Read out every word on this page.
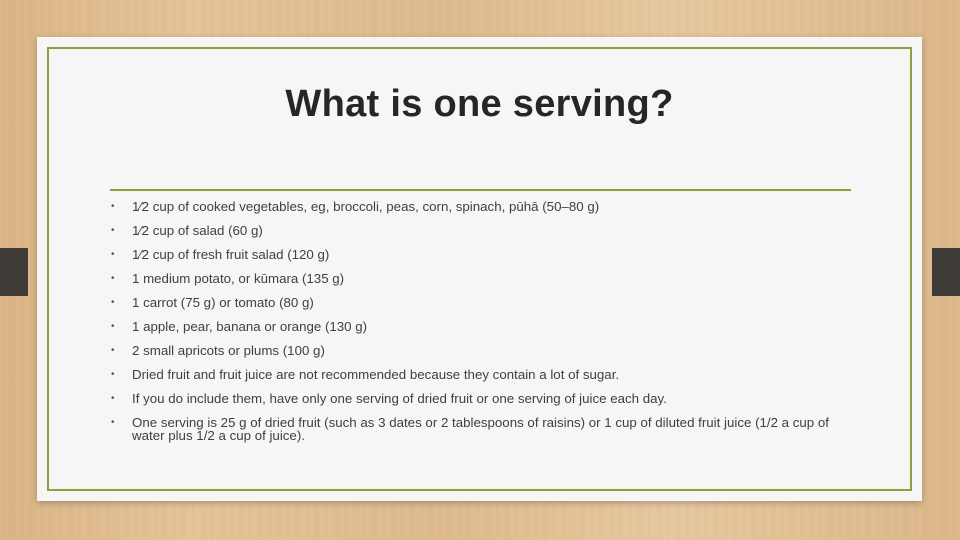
What is one serving?
• 1⁄2 cup of cooked vegetables, eg, broccoli, peas, corn, spinach, pūhā (50–80 g)
• 1⁄2 cup of salad (60 g)
• 1⁄2 cup of fresh fruit salad (120 g)
• 1 medium potato, or kūmara (135 g)
• 1 carrot (75 g) or tomato (80 g)
• 1 apple, pear, banana or orange (130 g)
• 2 small apricots or plums (100 g)
• Dried fruit and fruit juice are not recommended because they contain a lot of sugar.
• If you do include them, have only one serving of dried fruit or one serving of juice each day.
• One serving is 25 g of dried fruit (such as 3 dates or 2 tablespoons of raisins) or 1 cup of diluted fruit juice (1/2 a cup of water plus 1/2 a cup of juice).
